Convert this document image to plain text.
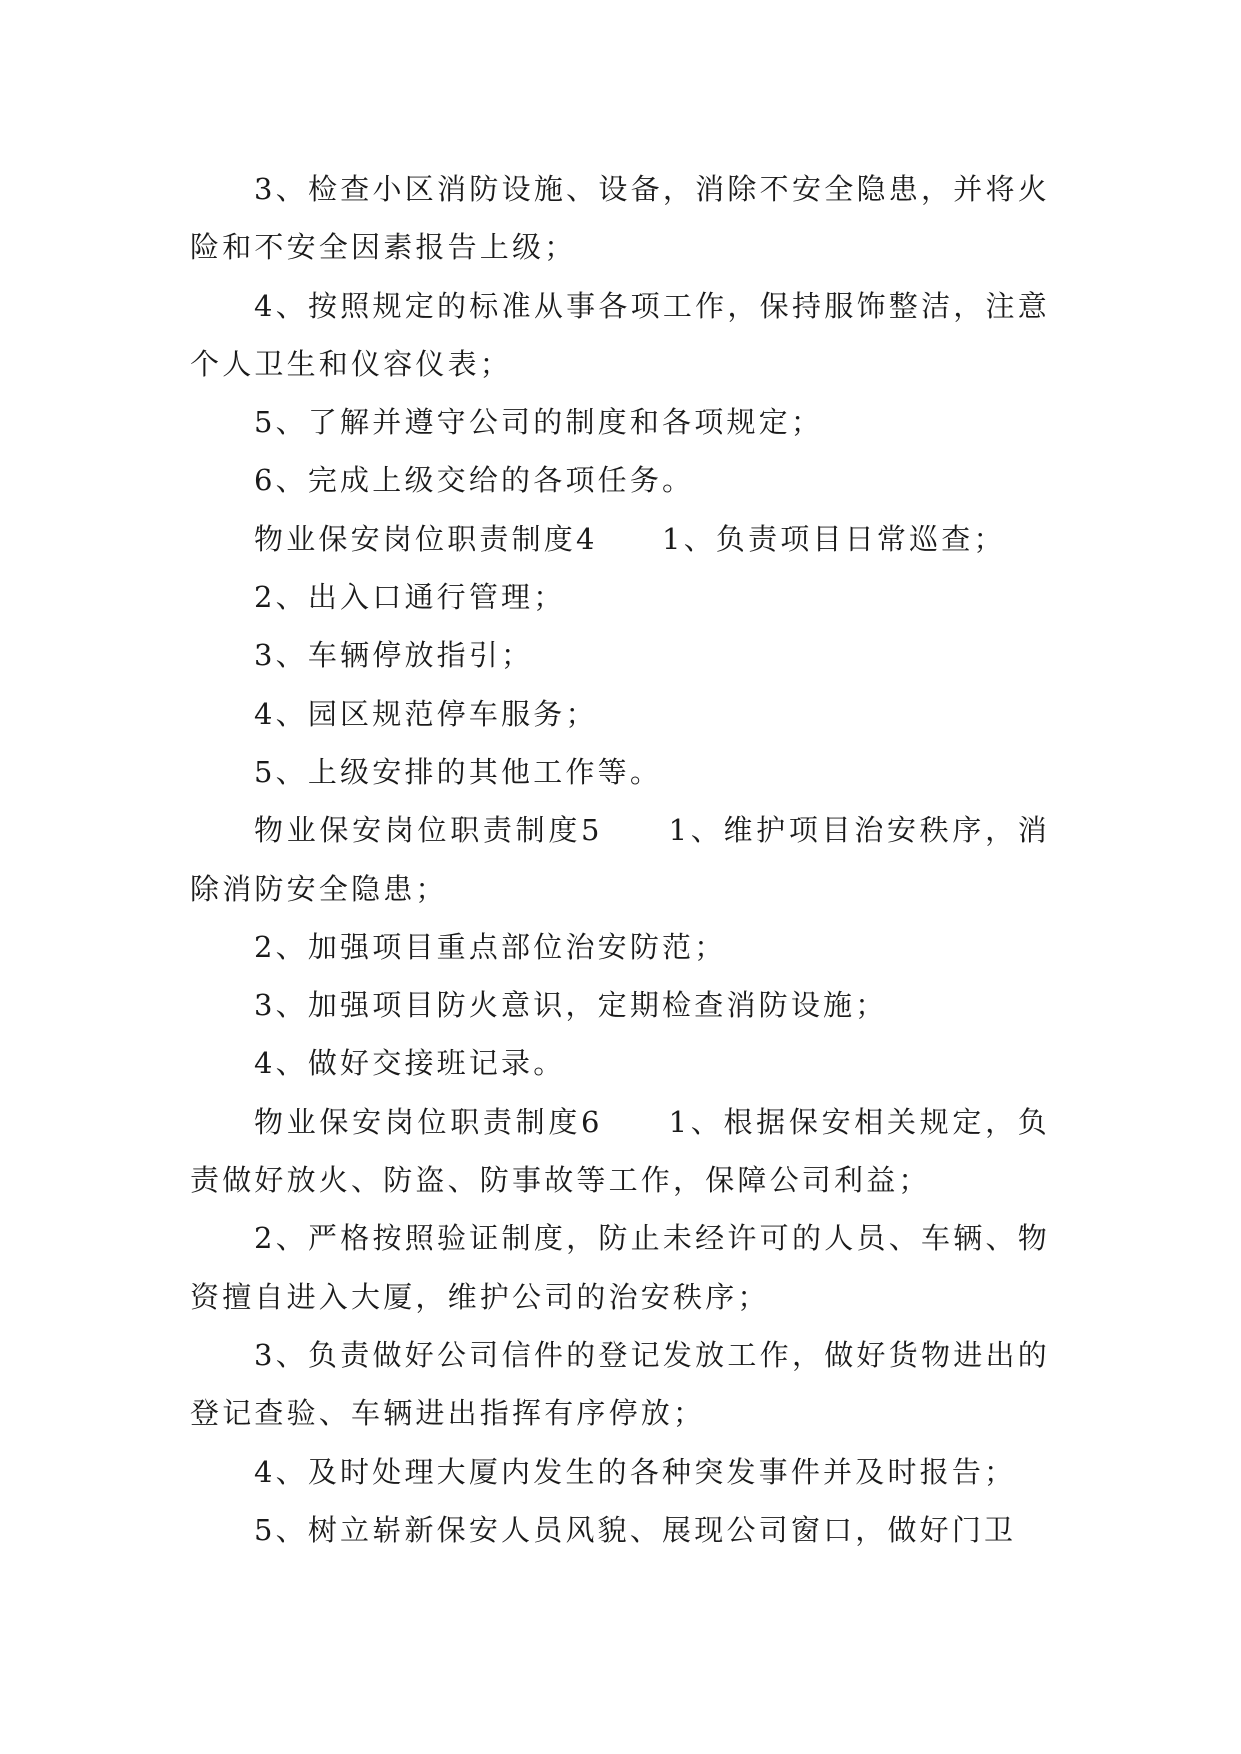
3、检查小区消防设施、设备，消除不安全隐患，并将火险和不安全因素报告上级；

4、按照规定的标准从事各项工作，保持服饰整洁，注意个人卫生和仪容仪表；

5、了解并遵守公司的制度和各项规定；

6、完成上级交给的各项任务。

物业保安岗位职责制度4　　1、负责项目日常巡查；

2、出入口通行管理；

3、车辆停放指引；

4、园区规范停车服务；

5、上级安排的其他工作等。

物业保安岗位职责制度5　　1、维护项目治安秩序，消除消防安全隐患；

2、加强项目重点部位治安防范；

3、加强项目防火意识，定期检查消防设施；

4、做好交接班记录。

物业保安岗位职责制度6　　1、根据保安相关规定，负责做好放火、防盗、防事故等工作，保障公司利益；

2、严格按照验证制度，防止未经许可的人员、车辆、物资擅自进入大厦，维护公司的治安秩序；

3、负责做好公司信件的登记发放工作，做好货物进出的登记查验、车辆进出指挥有序停放；

4、及时处理大厦内发生的各种突发事件并及时报告；

5、树立崭新保安人员风貌、展现公司窗口，做好门卫
